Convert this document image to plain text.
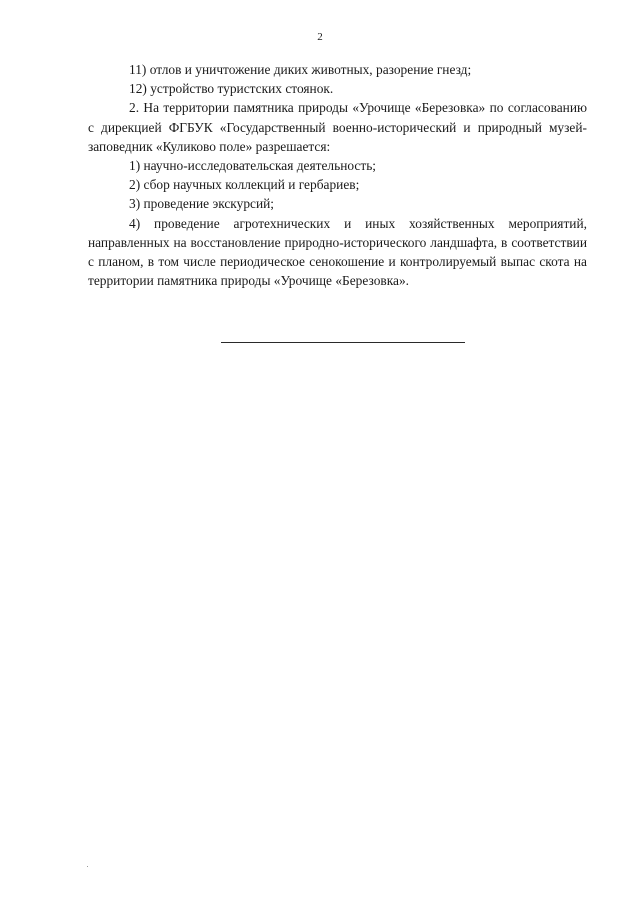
2

11) отлов и уничтожение диких животных, разорение гнезд;

12) устройство туристских стоянок.

2. На территории памятника природы «Урочище «Березовка» по согласованию с дирекцией ФГБУК «Государственный военно-исторический и природный музей-заповедник «Куликово поле» разрешается:

1) научно-исследовательская деятельность;

2) сбор научных коллекций и гербариев;

3) проведение экскурсий;

4) проведение агротехнических и иных хозяйственных мероприятий, направленных на восстановление природно-исторического ландшафта, в соответствии с планом, в том числе периодическое сенокошение и контролируемый выпас скота на территории памятника природы «Урочище «Березовка».
